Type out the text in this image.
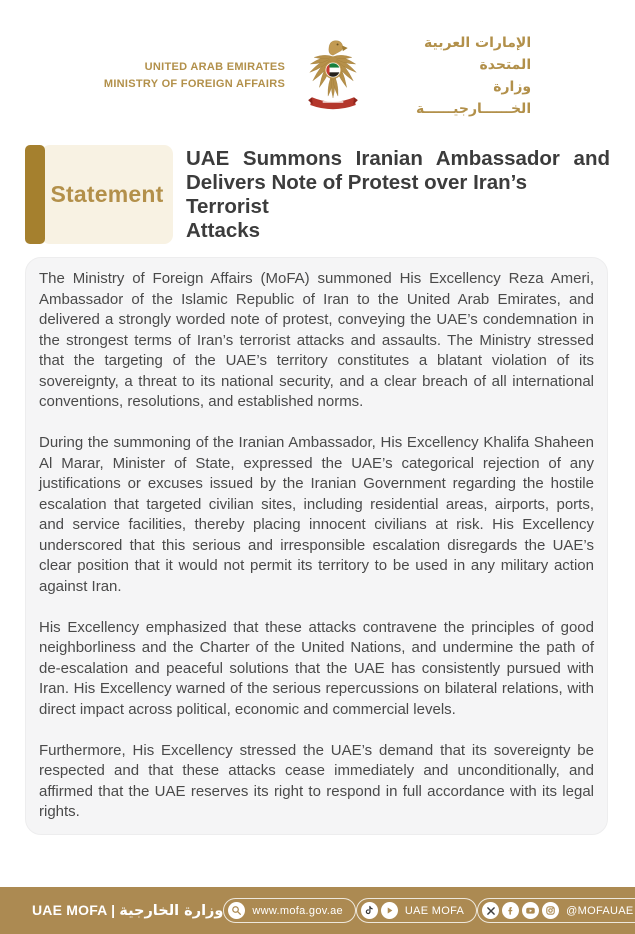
UNITED ARAB EMIRATES
MINISTRY OF FOREIGN AFFAIRS
الإمارات العربية المتحدة
وزارة الخــــــارجيــــــة
Statement
UAE Summons Iranian Ambassador and
Delivers Note of Protest over Iran’s Terrorist
Attacks

The Ministry of Foreign Affairs (MoFA) summoned His Excellency Reza Ameri, Ambassador of the Islamic Republic of Iran to the United Arab Emirates, and delivered a strongly worded note of protest, conveying the UAE’s condemnation in the strongest terms of Iran’s terrorist attacks and assaults. The Ministry stressed that the targeting of the UAE’s territory constitutes a blatant violation of its sovereignty, a threat to its national security, and a clear breach of all international conventions, resolutions, and established norms.

During the summoning of the Iranian Ambassador, His Excellency Khalifa Shaheen Al Marar, Minister of State, expressed the UAE’s categorical rejection of any justifications or excuses issued by the Iranian Government regarding the hostile escalation that targeted civilian sites, including residential areas, airports, ports, and service facilities, thereby placing innocent civilians at risk. His Excellency underscored that this serious and irresponsible escalation disregards the UAE’s clear position that it would not permit its territory to be used in any military action against Iran.

His Excellency emphasized that these attacks contravene the principles of good neighborliness and the Charter of the United Nations, and undermine the path of de-escalation and peaceful solutions that the UAE has consistently pursued with Iran. His Excellency warned of the serious repercussions on bilateral relations, with direct impact across political, economic and commercial levels.

Furthermore, His Excellency stressed the UAE’s demand that its sovereignty be respected and that these attacks cease immediately and unconditionally, and affirmed that the UAE reserves its right to respond in full accordance with its legal rights.

UAE MOFA | وزارة الخارجية	www.mofa.gov.ae	UAE MOFA	@MOFAUAE
